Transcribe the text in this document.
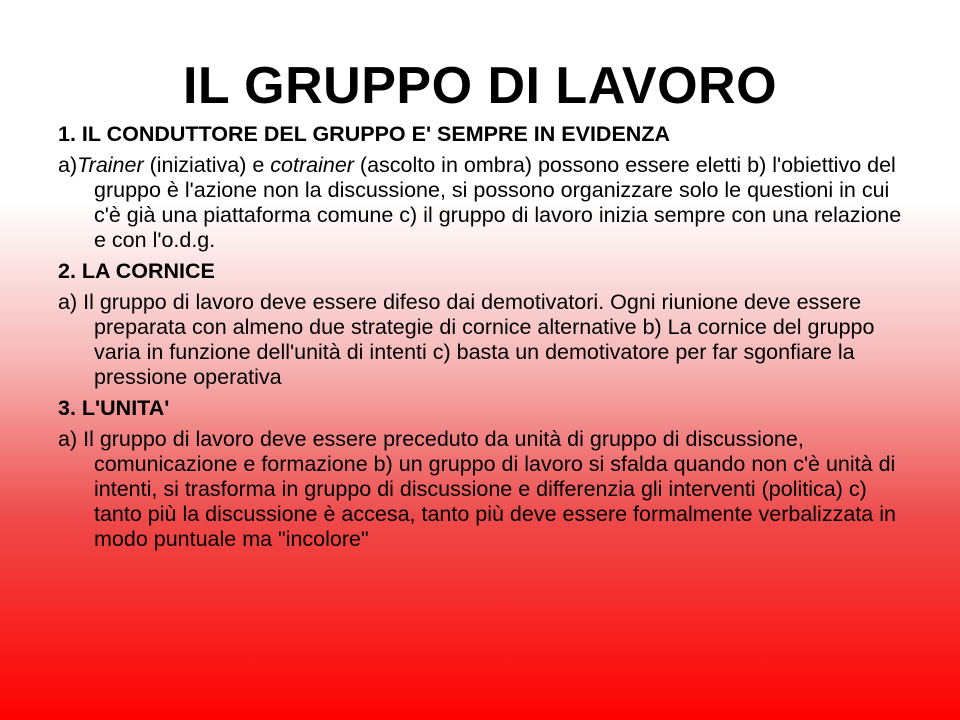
IL GRUPPO DI LAVORO
1. IL CONDUTTORE DEL GRUPPO E' SEMPRE IN EVIDENZA
a)Trainer (iniziativa) e cotrainer (ascolto in ombra) possono essere eletti b) l'obiettivo del gruppo è l'azione non la discussione, si possono organizzare solo le questioni in cui c'è già una piattaforma comune c) il gruppo di lavoro inizia sempre con una relazione e con l'o.d.g.
2. LA CORNICE
a) Il gruppo di lavoro deve essere difeso dai demotivatori. Ogni riunione deve essere preparata con almeno due strategie di cornice alternative b) La cornice del gruppo varia in funzione dell'unità di intenti c) basta un demotivatore per far sgonfiare la pressione operativa
3. L'UNITA'
a) Il gruppo di lavoro deve essere preceduto da unità di gruppo di discussione, comunicazione e formazione b) un gruppo di lavoro si sfalda quando non c'è unità di intenti, si trasforma in gruppo di discussione e differenzia gli interventi (politica) c) tanto più la discussione è accesa, tanto più deve essere formalmente verbalizzata in modo puntuale ma "incolore"
